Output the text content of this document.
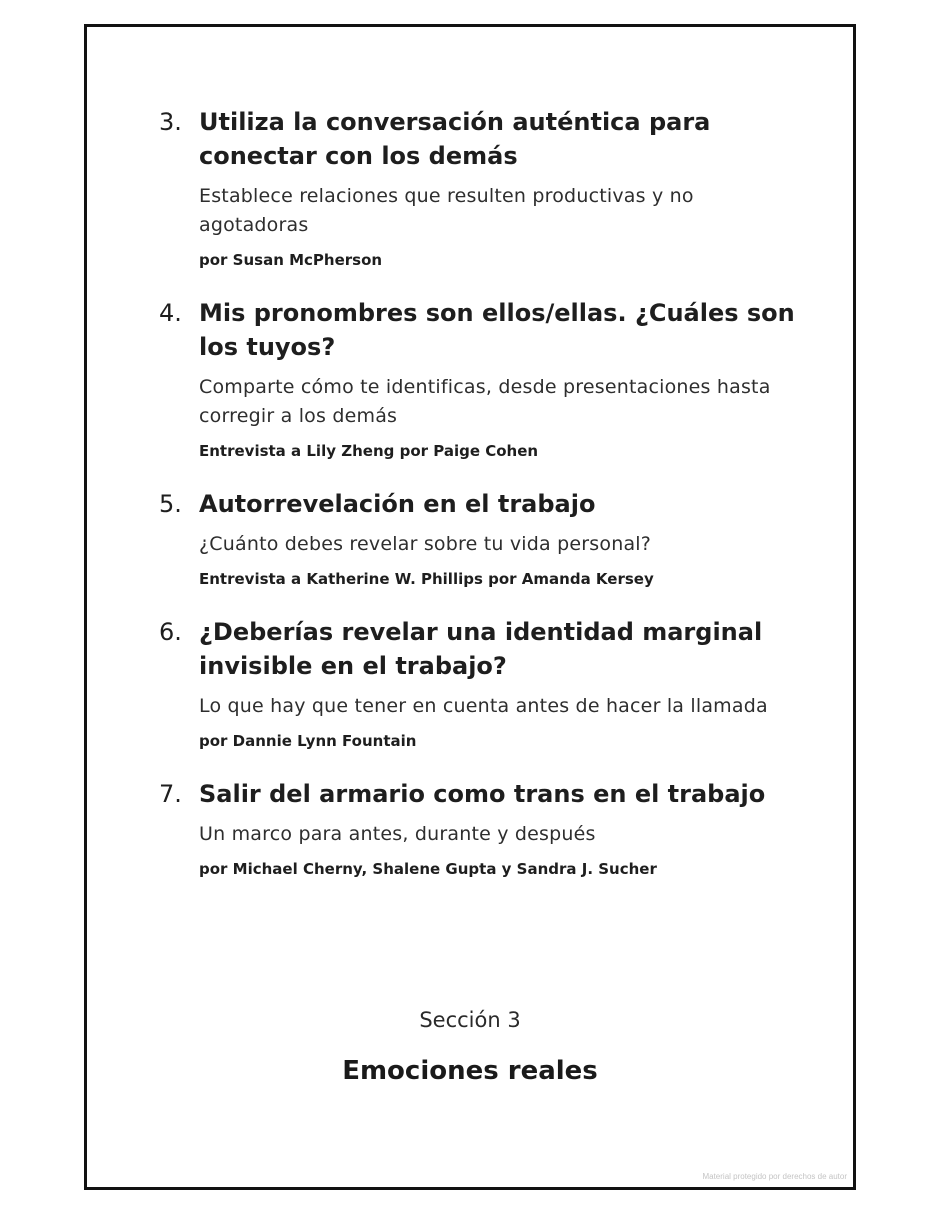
3. Utiliza la conversación auténtica para conectar con los demás

Establece relaciones que resulten productivas y no agotadoras

por Susan McPherson

4. Mis pronombres son ellos/ellas. ¿Cuáles son los tuyos?

Comparte cómo te identificas, desde presentaciones hasta corregir a los demás

Entrevista a Lily Zheng por Paige Cohen

5. Autorrevelación en el trabajo

¿Cuánto debes revelar sobre tu vida personal?

Entrevista a Katherine W. Phillips por Amanda Kersey

6. ¿Deberías revelar una identidad marginal invisible en el trabajo?

Lo que hay que tener en cuenta antes de hacer la llamada

por Dannie Lynn Fountain

7. Salir del armario como trans en el trabajo

Un marco para antes, durante y después

por Michael Cherny, Shalene Gupta y Sandra J. Sucher

Sección 3
Emociones reales
Material protegido por derechos de autor
